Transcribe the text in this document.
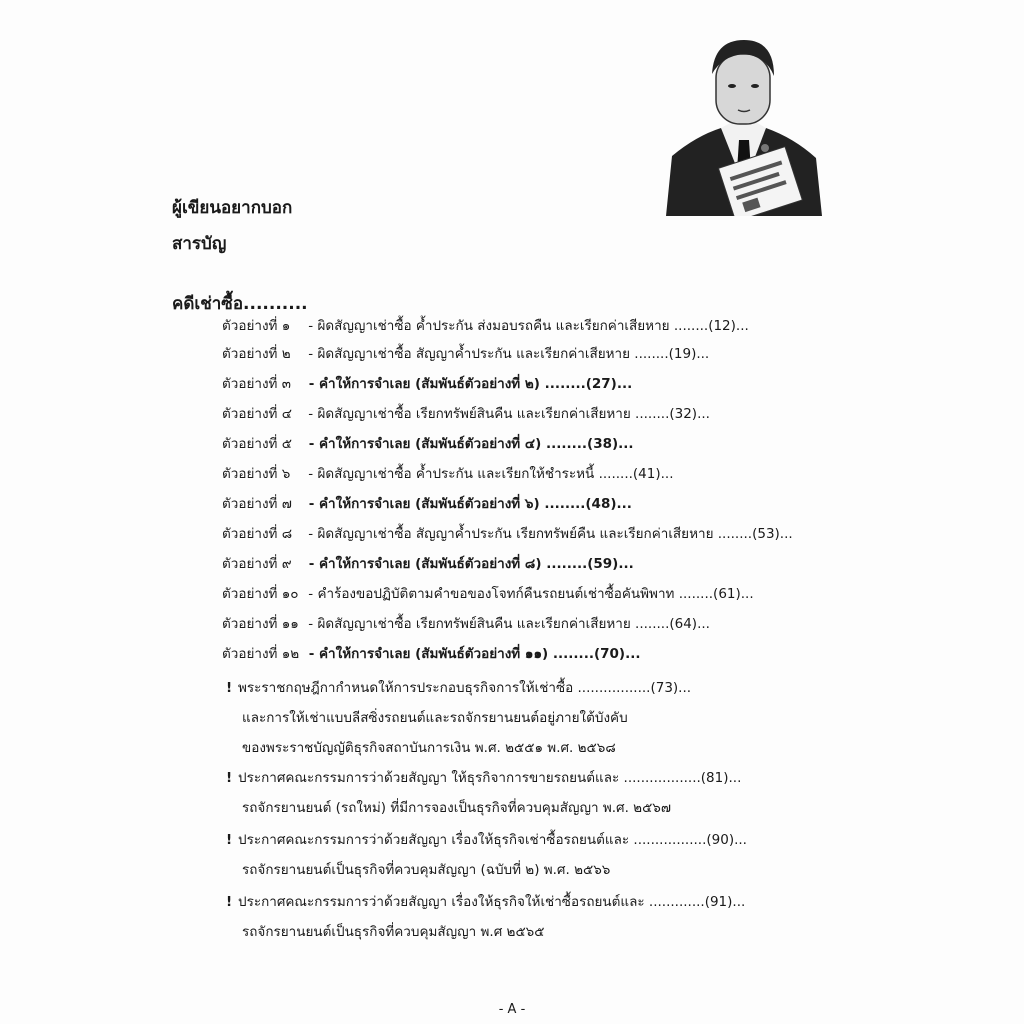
ผู้เขียนอยากบอก
สารบัญ
คดีเช่าซื้อ..........
ตัวอย่างที่ ๑ - ผิดสัญญาเช่าซื้อ ค้ำประกัน ส่งมอบรถคืน และเรียกค่าเสียหาย ........(12)...
ตัวอย่างที่ ๒ - ผิดสัญญาเช่าซื้อ สัญญาค้ำประกัน และเรียกค่าเสียหาย ........(19)...
ตัวอย่างที่ ๓ - คำให้การจำเลย (สัมพันธ์ตัวอย่างที่ ๒) ........(27)...
ตัวอย่างที่ ๔ - ผิดสัญญาเช่าซื้อ เรียกทรัพย์สินคืน และเรียกค่าเสียหาย ........(32)...
ตัวอย่างที่ ๕ - คำให้การจำเลย (สัมพันธ์ตัวอย่างที่ ๔) ........(38)...
ตัวอย่างที่ ๖ - ผิดสัญญาเช่าซื้อ ค้ำประกัน และเรียกให้ชำระหนี้ ........(41)...
ตัวอย่างที่ ๗ - คำให้การจำเลย (สัมพันธ์ตัวอย่างที่ ๖) ........(48)...
ตัวอย่างที่ ๘ - ผิดสัญญาเช่าซื้อ สัญญาค้ำประกัน เรียกทรัพย์คืน และเรียกค่าเสียหาย ........(53)...
ตัวอย่างที่ ๙ - คำให้การจำเลย (สัมพันธ์ตัวอย่างที่ ๘) ........(59)...
ตัวอย่างที่ ๑๐ - คำร้องขอปฏิบัติตามคำขอของโจทก์คืนรถยนต์เช่าซื้อคันพิพาท ........(61)...
ตัวอย่างที่ ๑๑ - ผิดสัญญาเช่าซื้อ เรียกทรัพย์สินคืน และเรียกค่าเสียหาย ........(64)...
ตัวอย่างที่ ๑๒ - คำให้การจำเลย (สัมพันธ์ตัวอย่างที่ ๑๑) ........(70)...
! พระราชกฤษฎีกากำหนดให้การประกอบธุรกิจการให้เช่าซื้อ .................(73)...
และการให้เช่าแบบลีสซิ่งรถยนต์และรถจักรยานยนต์อยู่ภายใต้บังคับ
ของพระราชบัญญัติธุรกิจสถาบันการเงิน พ.ศ. ๒๕๕๑ พ.ศ. ๒๕๖๘
! ประกาศคณะกรรมการว่าด้วยสัญญา ให้ธุรกิจาการขายรถยนต์และ ..................(81)...
รถจักรยานยนต์ (รถใหม่) ที่มีการจองเป็นธุรกิจที่ควบคุมสัญญา พ.ศ. ๒๕๖๗
! ประกาศคณะกรรมการว่าด้วยสัญญา เรื่องให้ธุรกิจเช่าซื้อรถยนต์และ .................(90)...
รถจักรยานยนต์เป็นธุรกิจที่ควบคุมสัญญา (ฉบับที่ ๒) พ.ศ. ๒๕๖๖
! ประกาศคณะกรรมการว่าด้วยสัญญา เรื่องให้ธุรกิจให้เช่าซื้อรถยนต์และ .............(91)...
รถจักรยานยนต์เป็นธุรกิจที่ควบคุมสัญญา พ.ศ ๒๕๖๕
- A -
